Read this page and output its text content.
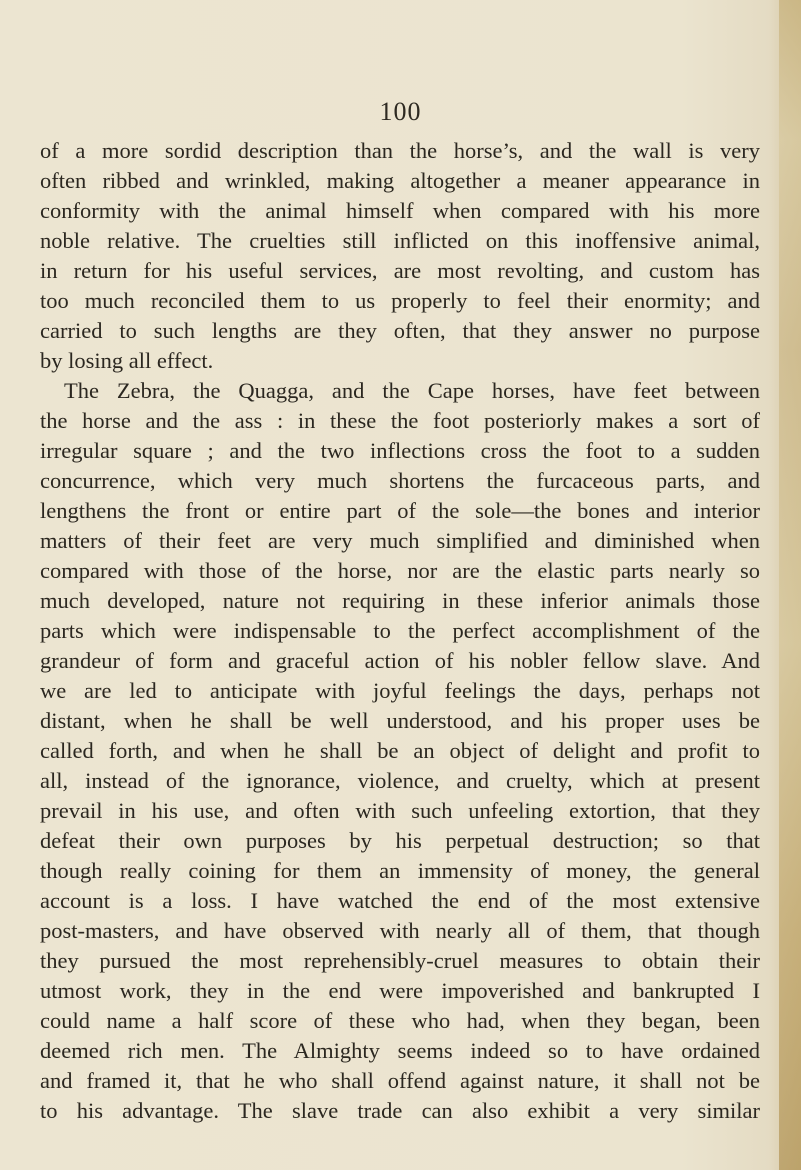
100
of a more sordid description than the horse’s, and the wall is very
often ribbed and wrinkled, making altogether a meaner appearance in
conformity with the animal himself when compared with his more
noble relative. The cruelties still inflicted on this inoffensive animal,
in return for his useful services, are most revolting, and custom has
too much reconciled them to us properly to feel their enormity; and
carried to such lengths are they often, that they answer no purpose
by losing all effect.
The Zebra, the Quagga, and the Cape horses, have feet between
the horse and the ass : in these the foot posteriorly makes a sort of
irregular square ; and the two inflections cross the foot to a sudden
concurrence, which very much shortens the furcaceous parts, and
lengthens the front or entire part of the sole—the bones and interior
matters of their feet are very much simplified and diminished when
compared with those of the horse, nor are the elastic parts nearly so
much developed, nature not requiring in these inferior animals those
parts which were indispensable to the perfect accomplishment of the
grandeur of form and graceful action of his nobler fellow slave. And
we are led to anticipate with joyful feelings the days, perhaps not
distant, when he shall be well understood, and his proper uses be
called forth, and when he shall be an object of delight and profit to
all, instead of the ignorance, violence, and cruelty, which at present
prevail in his use, and often with such unfeeling extortion, that they
defeat their own purposes by his perpetual destruction; so that
though really coining for them an immensity of money, the general
account is a loss. I have watched the end of the most extensive
post-masters, and have observed with nearly all of them, that though
they pursued the most reprehensibly-cruel measures to obtain their
utmost work, they in the end were impoverished and bankrupted I
could name a half score of these who had, when they began, been
deemed rich men. The Almighty seems indeed so to have ordained
and framed it, that he who shall offend against nature, it shall not be
to his advantage. The slave trade can also exhibit a very similar
